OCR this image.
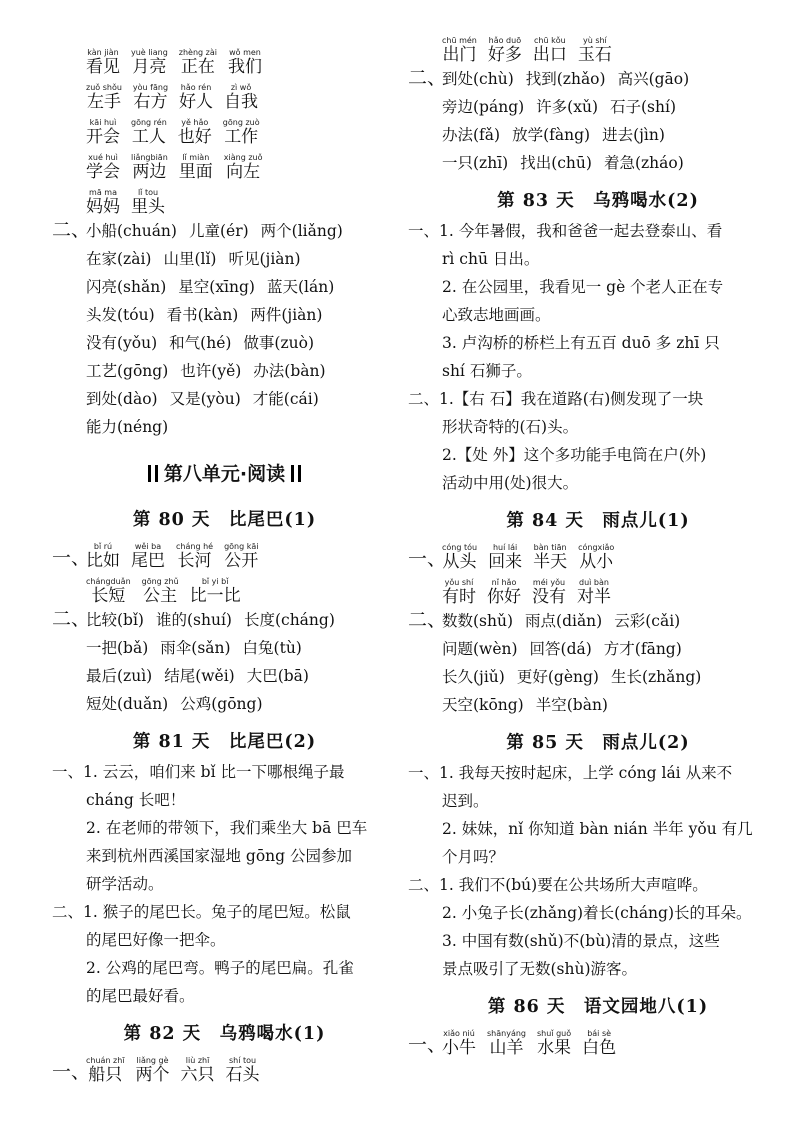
看见kàn jiàn
月亮yuè liang
正在zhèng zài
我们wǒ men
左手zuǒ shǒu
右方yòu fāng
好人hǎo rén
自我zì wǒ
开会kāi huì
工人gōng rén
也好yě hǎo
工作gōng zuò
学会xué huì
两边liǎngbiān
里面lǐ miàn
向左xiàng zuǒ
妈妈mā ma
里头lǐ tou
二、
小船(chuán) 儿童(ér) 两个(liǎng)
在家(zài) 山里(lǐ) 听见(jiàn)
闪亮(shǎn) 星空(xīng) 蓝天(lán)
头发(tóu) 看书(kàn) 两件(jiàn)
没有(yǒu) 和气(hé) 做事(zuò)
工艺(gōng) 也许(yě) 办法(bàn)
到处(dào) 又是(yòu) 才能(cái)
能力(néng)
第八单元·阅读
第 80 天　比尾巴(1)
一、
比如bǐ rú
尾巴wěi ba
长河cháng hé
公开gōng kāi
长短chángduǎn
公主gōng zhǔ
比一比bǐ yi bǐ
二、
比较(bǐ) 谁的(shuí) 长度(cháng)
一把(bǎ) 雨伞(sǎn) 白兔(tù)
最后(zuì) 结尾(wěi) 大巴(bā)
短处(duǎn) 公鸡(gōng)
第 81 天　比尾巴(2)
一、1. 云云，咱们来 bǐ 比一下哪根绳子最
cháng 长吧！
2. 在老师的带领下，我们乘坐大 bā 巴车
来到杭州西溪国家湿地 gōng 公园参加
研学活动。
二、1. 猴子的尾巴长。兔子的尾巴短。松鼠
的尾巴好像一把伞。
2. 公鸡的尾巴弯。鸭子的尾巴扁。孔雀
的尾巴最好看。
第 82 天　乌鸦喝水(1)
一、
船只chuán zhī
两个liǎng gè
六只liù zhī
石头shí tou
出门chū mén
好多hǎo duō
出口chū kǒu
玉石yù shí
二、
到处(chù) 找到(zhǎo) 高兴(gāo)
旁边(páng) 许多(xǔ) 石子(shí)
办法(fǎ) 放学(fàng) 进去(jìn)
一只(zhī) 找出(chū) 着急(zháo)
第 83 天　乌鸦喝水(2)
一、1. 今年暑假，我和爸爸一起去登泰山、看
rì chū 日出。
2. 在公园里，我看见一 gè 个老人正在专
心致志地画画。
3. 卢沟桥的桥栏上有五百 duō 多 zhī 只
shí 石狮子。
二、1.【右 石】我在道路(右)侧发现了一块
形状奇特的(石)头。
2.【处 外】这个多功能手电筒在户(外)
活动中用(处)很大。
第 84 天　雨点儿(1)
一、
从头cóng tóu
回来huí lái
半天bàn tiān
从小cóngxiǎo
有时yǒu shí
你好nǐ hǎo
没有méi yǒu
对半duì bàn
二、
数数(shǔ) 雨点(diǎn) 云彩(cǎi)
问题(wèn) 回答(dá) 方才(fāng)
长久(jiǔ) 更好(gèng) 生长(zhǎng)
天空(kōng) 半空(bàn)
第 85 天　雨点儿(2)
一、1. 我每天按时起床，上学 cóng lái 从来不
迟到。
2. 妹妹，nǐ 你知道 bàn nián 半年 yǒu 有几
个月吗？
二、1. 我们不(bú)要在公共场所大声喧哗。
2. 小兔子长(zhǎng)着长(cháng)长的耳朵。
3. 中国有数(shǔ)不(bù)清的景点，这些
景点吸引了无数(shù)游客。
第 86 天　语文园地八(1)
一、
小牛xiǎo niú
山羊shānyáng
水果shuǐ guǒ
白色bái sè
